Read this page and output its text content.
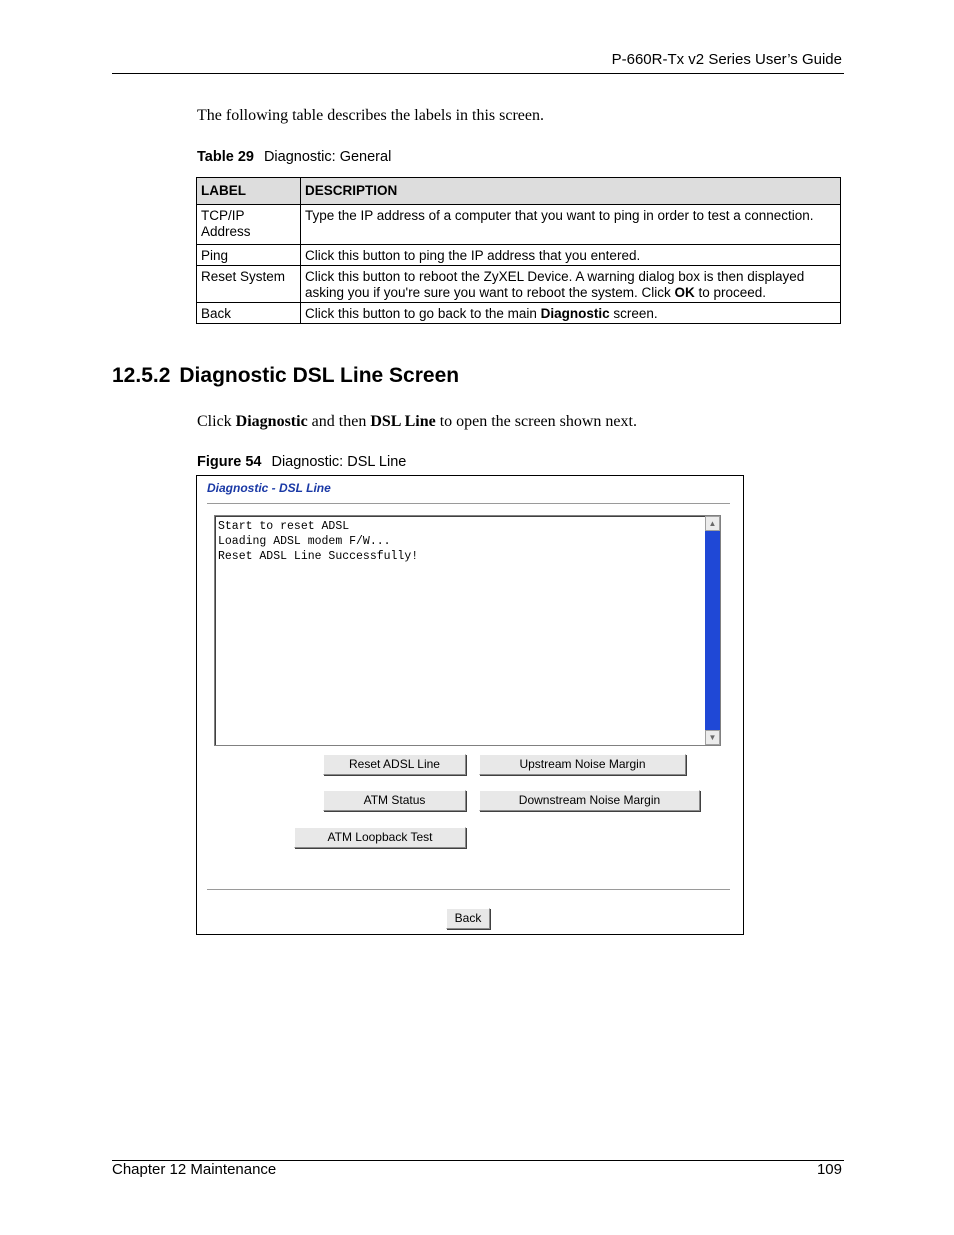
P-660R-Tx v2 Series User’s Guide
The following table describes the labels in this screen.
Table 29 Diagnostic: General
LABEL	DESCRIPTION
TCP/IP Address	Type the IP address of a computer that you want to ping in order to test a connection.
Ping	Click this button to ping the IP address that you entered.
Reset System	Click this button to reboot the ZyXEL Device. A warning dialog box is then displayed asking you if you're sure you want to reboot the system. Click OK to proceed.
Back	Click this button to go back to the main Diagnostic screen.
12.5.2 Diagnostic DSL Line Screen
Click Diagnostic and then DSL Line to open the screen shown next.
Figure 54 Diagnostic: DSL Line
Diagnostic - DSL Line
Start to reset ADSL
Loading ADSL modem F/W...
Reset ADSL Line Successfully!
▲
▼
Reset ADSL Line	Upstream Noise Margin
ATM Status	Downstream Noise Margin
ATM Loopback Test
Back
Chapter 12 Maintenance	109
